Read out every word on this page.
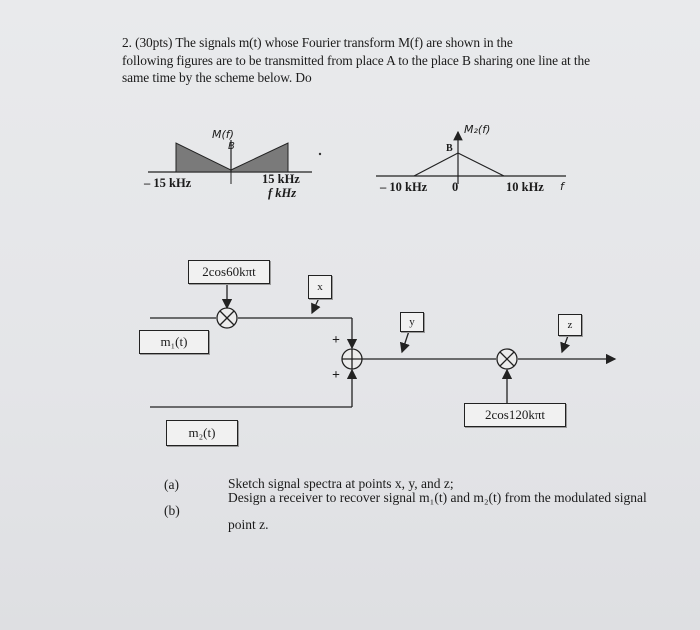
2. (30pts) The signals m(t) whose Fourier transform M(f) are shown in the
following figures are to be transmitted from place A to the place B sharing one line at the
same time by the scheme below. Do
M(f)
B
– 15 kHz	15 kHz
f kHz
M₂(f)
B
– 10 kHz 0	10 kHz f
2cos60kπt
m₁(t)
x
y	z
2cos120kπt
m₂(t)
+
+
(a)	Sketch signal spectra at points x, y, and z;
(b)
Design a receiver to recover signal m₁(t) and m₂(t) from the modulated signal point z.
